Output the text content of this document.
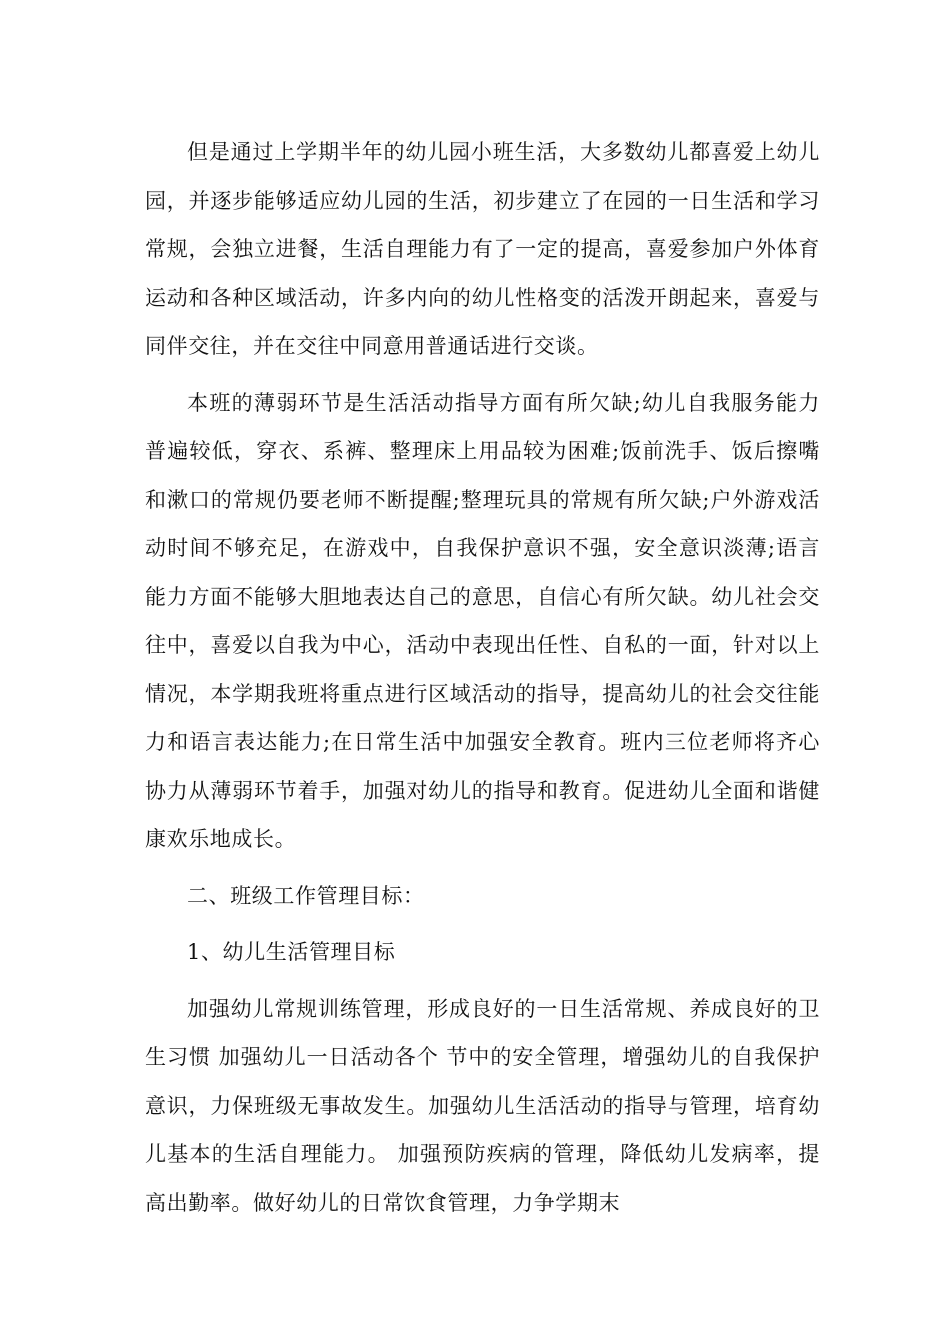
但是通过上学期半年的幼儿园小班生活，大多数幼儿都喜爱上幼儿园，并逐步能够适应幼儿园的生活，初步建立了在园的一日生活和学习常规，会独立进餐，生活自理能力有了一定的提高，喜爱参加户外体育运动和各种区域活动，许多内向的幼儿性格变的活泼开朗起来，喜爱与同伴交往，并在交往中同意用普通话进行交谈。

本班的薄弱环节是生活活动指导方面有所欠缺;幼儿自我服务能力普遍较低，穿衣、系裤、整理床上用品较为困难;饭前洗手、饭后擦嘴和漱口的常规仍要老师不断提醒;整理玩具的常规有所欠缺;户外游戏活动时间不够充足，在游戏中，自我保护意识不强，安全意识淡薄;语言能力方面不能够大胆地表达自己的意思，自信心有所欠缺。幼儿社会交往中，喜爱以自我为中心，活动中表现出任性、自私的一面，针对以上情况，本学期我班将重点进行区域活动的指导，提高幼儿的社会交往能力和语言表达能力;在日常生活中加强安全教育。班内三位老师将齐心协力从薄弱环节着手，加强对幼儿的指导和教育。促进幼儿全面和谐健康欢乐地成长。

二、班级工作管理目标：

1、幼儿生活管理目标

加强幼儿常规训练管理，形成良好的一日生活常规、养成良好的卫生习惯 加强幼儿一日活动各个 节中的安全管理，增强幼儿的自我保护意识，力保班级无事故发生。加强幼儿生活活动的指导与管理，培育幼儿基本的生活自理能力。 加强预防疾病的管理，降低幼儿发病率，提高出勤率。做好幼儿的日常饮食管理，力争学期末
